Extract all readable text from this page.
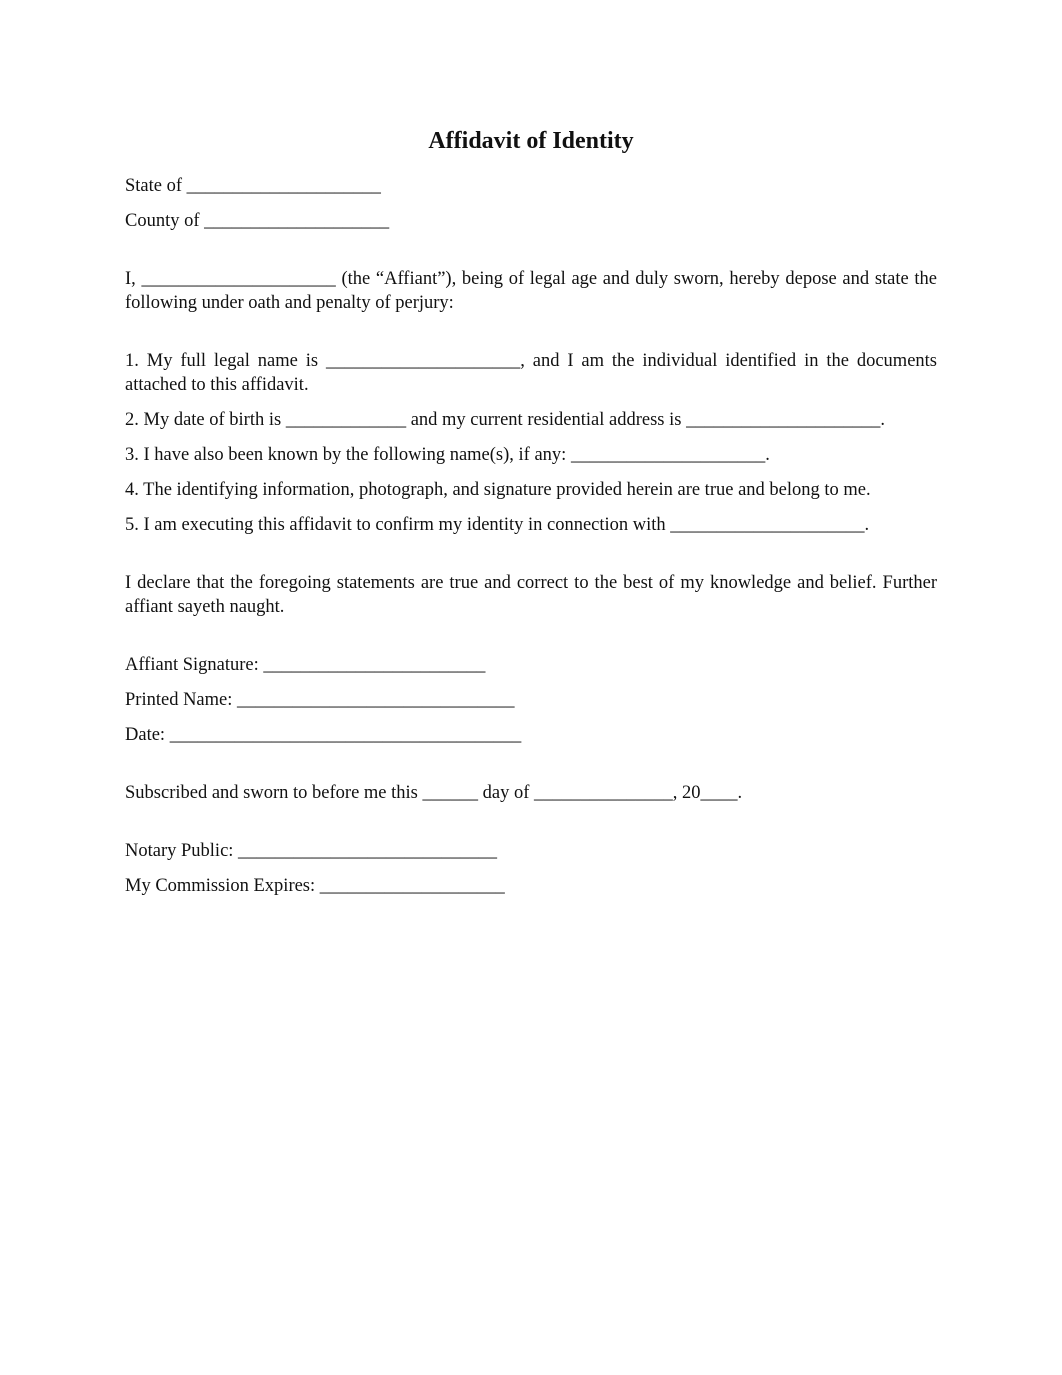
Affidavit of Identity

State of _____________________

County of ____________________

I, _____________________ (the “Affiant”), being of legal age and duly sworn, hereby depose and state the following under oath and penalty of perjury:

1. My full legal name is _____________________, and I am the individual identified in the documents attached to this affidavit.

2. My date of birth is _____________ and my current residential address is _____________________.

3. I have also been known by the following name(s), if any: _____________________.

4. The identifying information, photograph, and signature provided herein are true and belong to me.

5. I am executing this affidavit to confirm my identity in connection with _____________________.

I declare that the foregoing statements are true and correct to the best of my knowledge and belief. Further affiant sayeth naught.

Affiant Signature: ________________________

Printed Name: ______________________________

Date: ______________________________________

Subscribed and sworn to before me this ______ day of _______________, 20____.

Notary Public: ____________________________

My Commission Expires: ____________________
